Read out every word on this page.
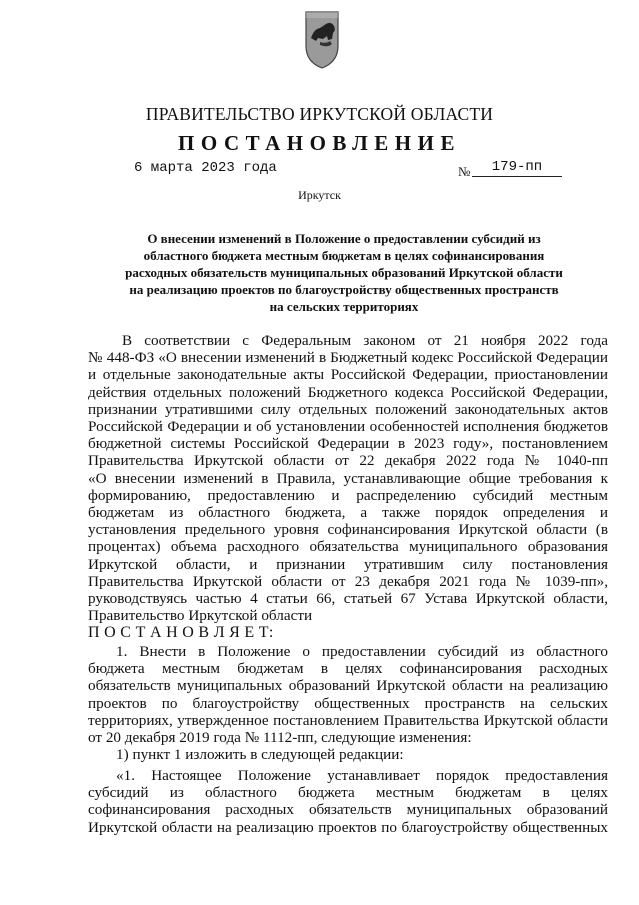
ПРАВИТЕЛЬСТВО ИРКУТСКОЙ ОБЛАСТИ
ПОСТАНОВЛЕНИЕ
6 марта 2023 года	№	179-пп
Иркутск
О внесении изменений в Положение о предоставлении субсидий из
областного бюджета местным бюджетам в целях софинансирования
расходных обязательств муниципальных образований Иркутской области
на реализацию проектов по благоустройству общественных пространств
на сельских территориях

В соответствии с Федеральным законом от 21 ноября 2022 года

№ 448-ФЗ «О внесении изменений в Бюджетный кодекс Российской Федерации

и отдельные законодательные акты Российской Федерации, приостановлении

действия отдельных положений Бюджетного кодекса Российской Федерации,

признании утратившими силу отдельных положений законодательных актов

Российской Федерации и об установлении особенностей исполнения бюджетов

бюджетной системы Российской Федерации в 2023 году», постановлением

Правительства Иркутской области от 22 декабря 2022 года № 1040-пп

«О внесении изменений в Правила, устанавливающие общие требования к

формированию, предоставлению и распределению субсидий местным

бюджетам из областного бюджета, а также порядок определения и

установления предельного уровня софинансирования Иркутской области (в

процентах) объема расходного обязательства муниципального образования

Иркутской области, и признании утратившим силу постановления

Правительства Иркутской области от 23 декабря 2021 года № 1039-пп»,

руководствуясь частью 4 статьи 66, статьей 67 Устава Иркутской области,

Правительство Иркутской области

П О С Т А Н О В Л Я Е Т:

1. Внести в Положение о предоставлении субсидий из областного

бюджета местным бюджетам в целях софинансирования расходных

обязательств муниципальных образований Иркутской области на реализацию

проектов по благоустройству общественных пространств на сельских

территориях, утвержденное постановлением Правительства Иркутской области

от 20 декабря 2019 года № 1112-пп, следующие изменения:

1) пункт 1 изложить в следующей редакции:

«1. Настоящее Положение устанавливает порядок предоставления

субсидий из областного бюджета местным бюджетам в целях

софинансирования расходных обязательств муниципальных образований

Иркутской области на реализацию проектов по благоустройству общественных
